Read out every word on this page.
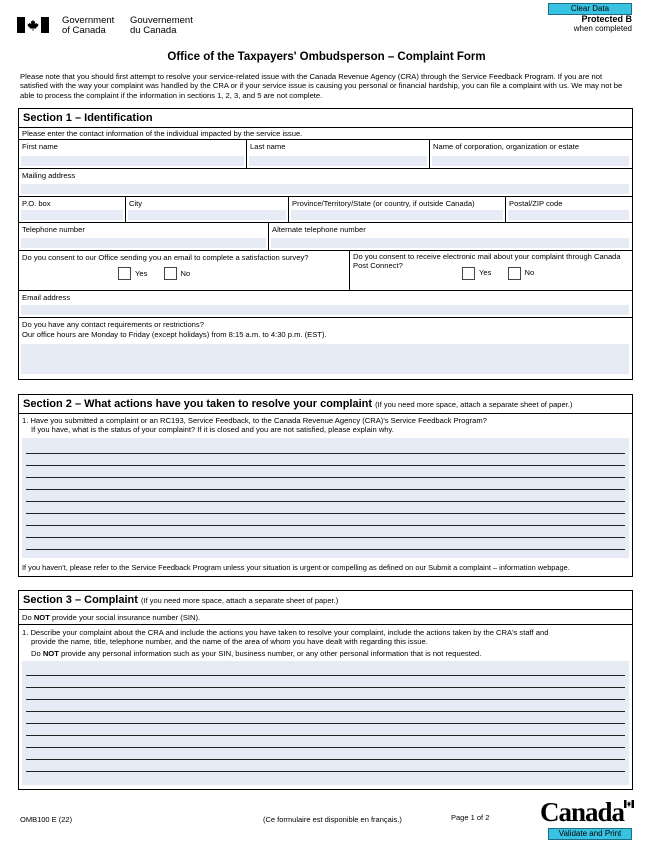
Government
of Canada
Gouvernement
du Canada
Clear Data
Protected B
when completed
Office of the Taxpayers' Ombudsperson – Complaint Form
Please note that you should first attempt to resolve your service-related issue with the Canada Revenue Agency (CRA) through the Service Feedback Program. If you are not satisfied with the way your complaint was handled by the CRA or if your service issue is causing you personal or financial hardship, you can file a complaint with us. We may not be able to process the complaint if the information in sections 1, 2, 3, and 5 are not complete.
Section 1 – Identification
Please enter the contact information of the individual impacted by the service issue.
First name	Last name	Name of corporation, organization or estate
Mailing address
P.O. box	City	Province/Territory/State (or country, if outside Canada)	Postal/ZIP code
Telephone number	Alternate telephone number
Do you consent to our Office sending you an email to complete a satisfaction survey?
Yes	No
Do you consent to receive electronic mail about your complaint through Canada Post Connect?
Yes	No
Email address
Do you have any contact requirements or restrictions?
Our office hours are Monday to Friday (except holidays) from 8:15 a.m. to 4:30 p.m. (EST).
Section 2 – What actions have you taken to resolve your complaint (If you need more space, attach a separate sheet of paper.)
1. Have you submitted a complaint or an RC193, Service Feedback, to the Canada Revenue Agency (CRA)'s Service Feedback Program?
If you have, what is the status of your complaint? If it is closed and you are not satisfied, please explain why.
If you haven't, please refer to the Service Feedback Program unless your situation is urgent or compelling as defined on our Submit a complaint – information webpage.
Section 3 – Complaint (If you need more space, attach a separate sheet of paper.)
Do NOT provide your social insurance number (SIN).
1. Describe your complaint about the CRA and include the actions you have taken to resolve your complaint, include the actions taken by the CRA's staff and
provide the name, title, telephone number, and the name of the area of whom you have dealt with regarding this issue.
Do NOT provide any personal information such as your SIN, business number, or any other personal information that is not requested.
OMB100 E (22)	(Ce formulaire est disponible en français.)	Page 1 of 2 Canada
Validate and Print
